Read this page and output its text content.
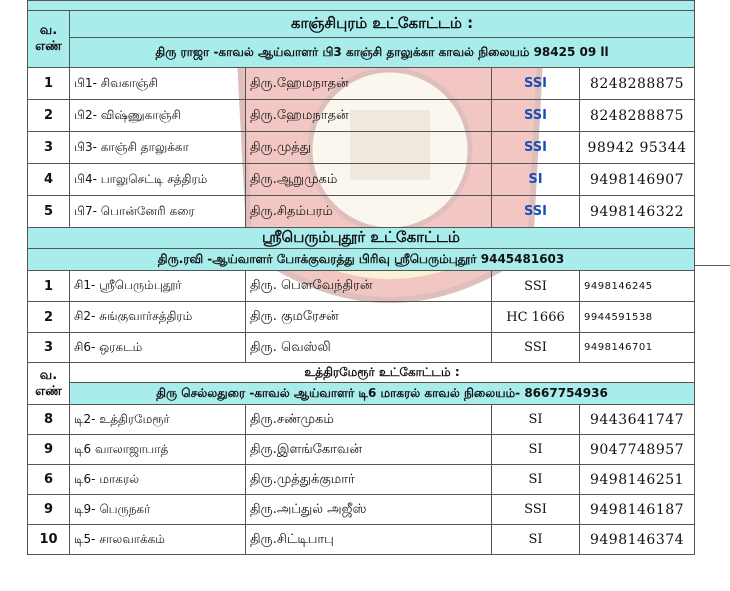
வ.
எண்	காஞ்சிபுரம் உட்கோட்டம் :			
	திரு ராஜா -காவல் ஆய்வாளர் பி3 காஞ்சி தாலுக்கா காவல் நிலையம் 98425 09 ll			
1	பி1- சிவகாஞ்சி	திரு.ஹேமநாதன்	SSI	8248288875
2	பி2- விஷ்ணுகாஞ்சி	திரு.ஹேமநாதன்	SSI	8248288875
3	பி3- காஞ்சி தாலுக்கா	திரு.முத்து	SSI	98942 95344
4	பி4- பாலுசெட்டி சத்திரம்	திரு.ஆறுமுகம்	SI	9498146907
5	பி7- பொன்னேரி கரை	திரு.சிதம்பரம்	SSI	9498146322
ஸ்ரீபெரும்புதூர் உட்கோட்டம்				
திரு.ரவி -ஆய்வாளர் போக்குவரத்து பிரிவு ஸ்ரீபெரும்புதூர் 9445481603				
1	சி1- ஸ்ரீபெரும்புதூர்	திரு. பௌவேந்திரன்	SSI	9498146245
2	சி2- சுங்குவார்சத்திரம்	திரு. குமரேசன்	HC 1666	9944591538
3	சி6- ஒரகடம்	திரு. வெஸ்லி	SSI	9498146701

வ.
எண்	உத்திரமேரூர் உட்கோட்டம் :			
	திரு செல்லதுரை -காவல் ஆய்வாளர் டி6 மாகரல் காவல் நிலையம்- 8667754936			
8	டி2- உத்திரமேரூர்	திரு.சண்முகம்	SI	9443641747
9	டி6 வாலாஜாபாத்	திரு.இளங்கோவன்	SI	9047748957
6	டி6- மாகரல்	திரு.முத்துக்குமார்	SI	9498146251
9	டி9- பெருநகர்	திரு.அப்துல் அஜீஸ்	SSI	9498146187
10	டி5- சாலவாக்கம்	திரு.சிட்டிபாபு	SI	9498146374
